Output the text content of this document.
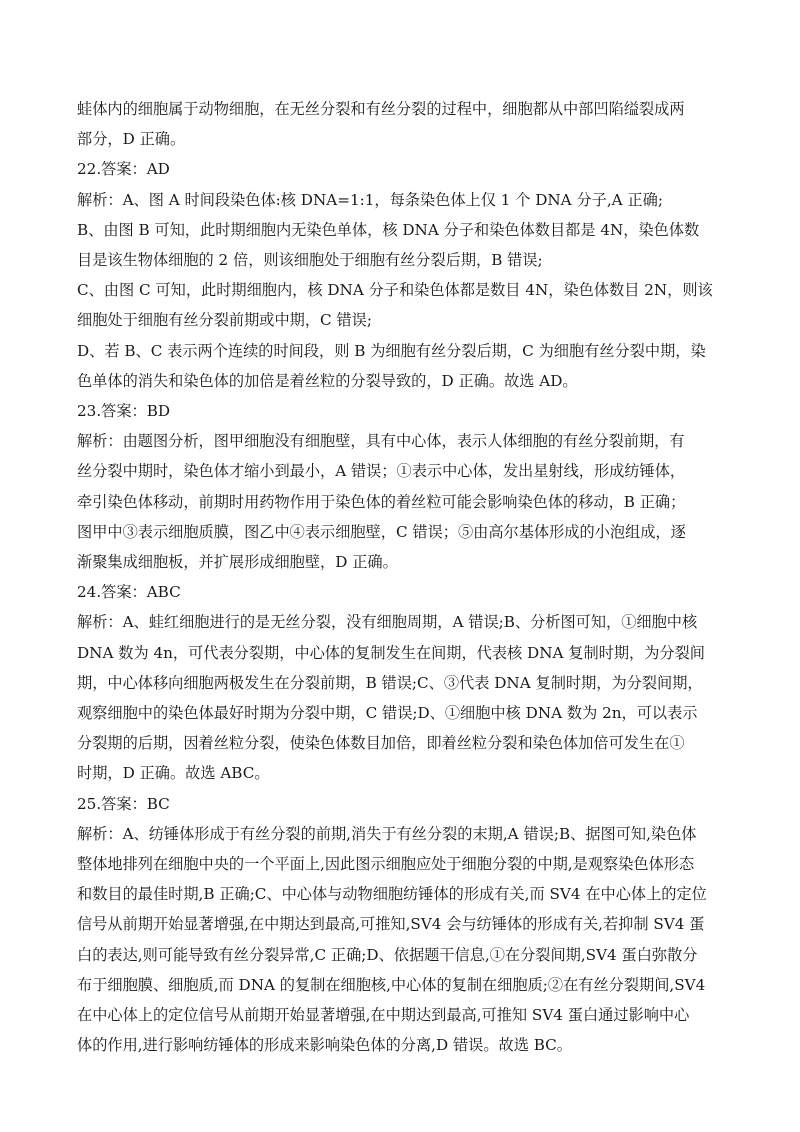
蛙体内的细胞属于动物细胞，在无丝分裂和有丝分裂的过程中，细胞都从中部凹陷缢裂成两
部分，D 正确。
22.答案：AD
解析：A、图 A 时间段染色体:核 DNA=1:1，每条染色体上仅 1 个 DNA 分子,A 正确;
B、由图 B 可知，此时期细胞内无染色单体，核 DNA 分子和染色体数目都是 4N，染色体数
目是该生物体细胞的 2 倍，则该细胞处于细胞有丝分裂后期，B 错误;
C、由图 C 可知，此时期细胞内，核 DNA 分子和染色体都是数目 4N，染色体数目 2N，则该
细胞处于细胞有丝分裂前期或中期，C 错误;
D、若 B、C 表示两个连续的时间段，则 B 为细胞有丝分裂后期，C 为细胞有丝分裂中期，染
色单体的消失和染色体的加倍是着丝粒的分裂导致的，D 正确。故选 AD。
23.答案：BD
解析：由题图分析，图甲细胞没有细胞壁，具有中心体，表示人体细胞的有丝分裂前期，有
丝分裂中期时，染色体才缩小到最小，A 错误；①表示中心体，发出星射线，形成纺锤体，
牵引染色体移动，前期时用药物作用于染色体的着丝粒可能会影响染色体的移动，B 正确；
图甲中③表示细胞质膜，图乙中④表示细胞壁，C 错误；⑤由高尔基体形成的小泡组成，逐
渐聚集成细胞板，并扩展形成细胞壁，D 正确。
24.答案：ABC
解析：A、蛙红细胞进行的是无丝分裂，没有细胞周期，A 错误;B、分析图可知，①细胞中核
DNA 数为 4n，可代表分裂期，中心体的复制发生在间期，代表核 DNA 复制时期，为分裂间
期，中心体移向细胞两极发生在分裂前期，B 错误;C、③代表 DNA 复制时期，为分裂间期，
观察细胞中的染色体最好时期为分裂中期，C 错误;D、①细胞中核 DNA 数为 2n，可以表示
分裂期的后期，因着丝粒分裂，使染色体数目加倍，即着丝粒分裂和染色体加倍可发生在①
时期，D 正确。故选 ABC。
25.答案：BC
解析：A、纺锤体形成于有丝分裂的前期,消失于有丝分裂的末期,A 错误;B、据图可知,染色体
整体地排列在细胞中央的一个平面上,因此图示细胞应处于细胞分裂的中期,是观察染色体形态
和数目的最佳时期,B 正确;C、中心体与动物细胞纺锤体的形成有关,而 SV4 在中心体上的定位
信号从前期开始显著增强,在中期达到最高,可推知,SV4 会与纺锤体的形成有关,若抑制 SV4 蛋
白的表达,则可能导致有丝分裂异常,C 正确;D、依据题干信息,①在分裂间期,SV4 蛋白弥散分
布于细胞膜、细胞质,而 DNA 的复制在细胞核,中心体的复制在细胞质;②在有丝分裂期间,SV4
在中心体上的定位信号从前期开始显著增强,在中期达到最高,可推知 SV4 蛋白通过影响中心
体的作用,进行影响纺锤体的形成来影响染色体的分离,D 错误。故选 BC。
